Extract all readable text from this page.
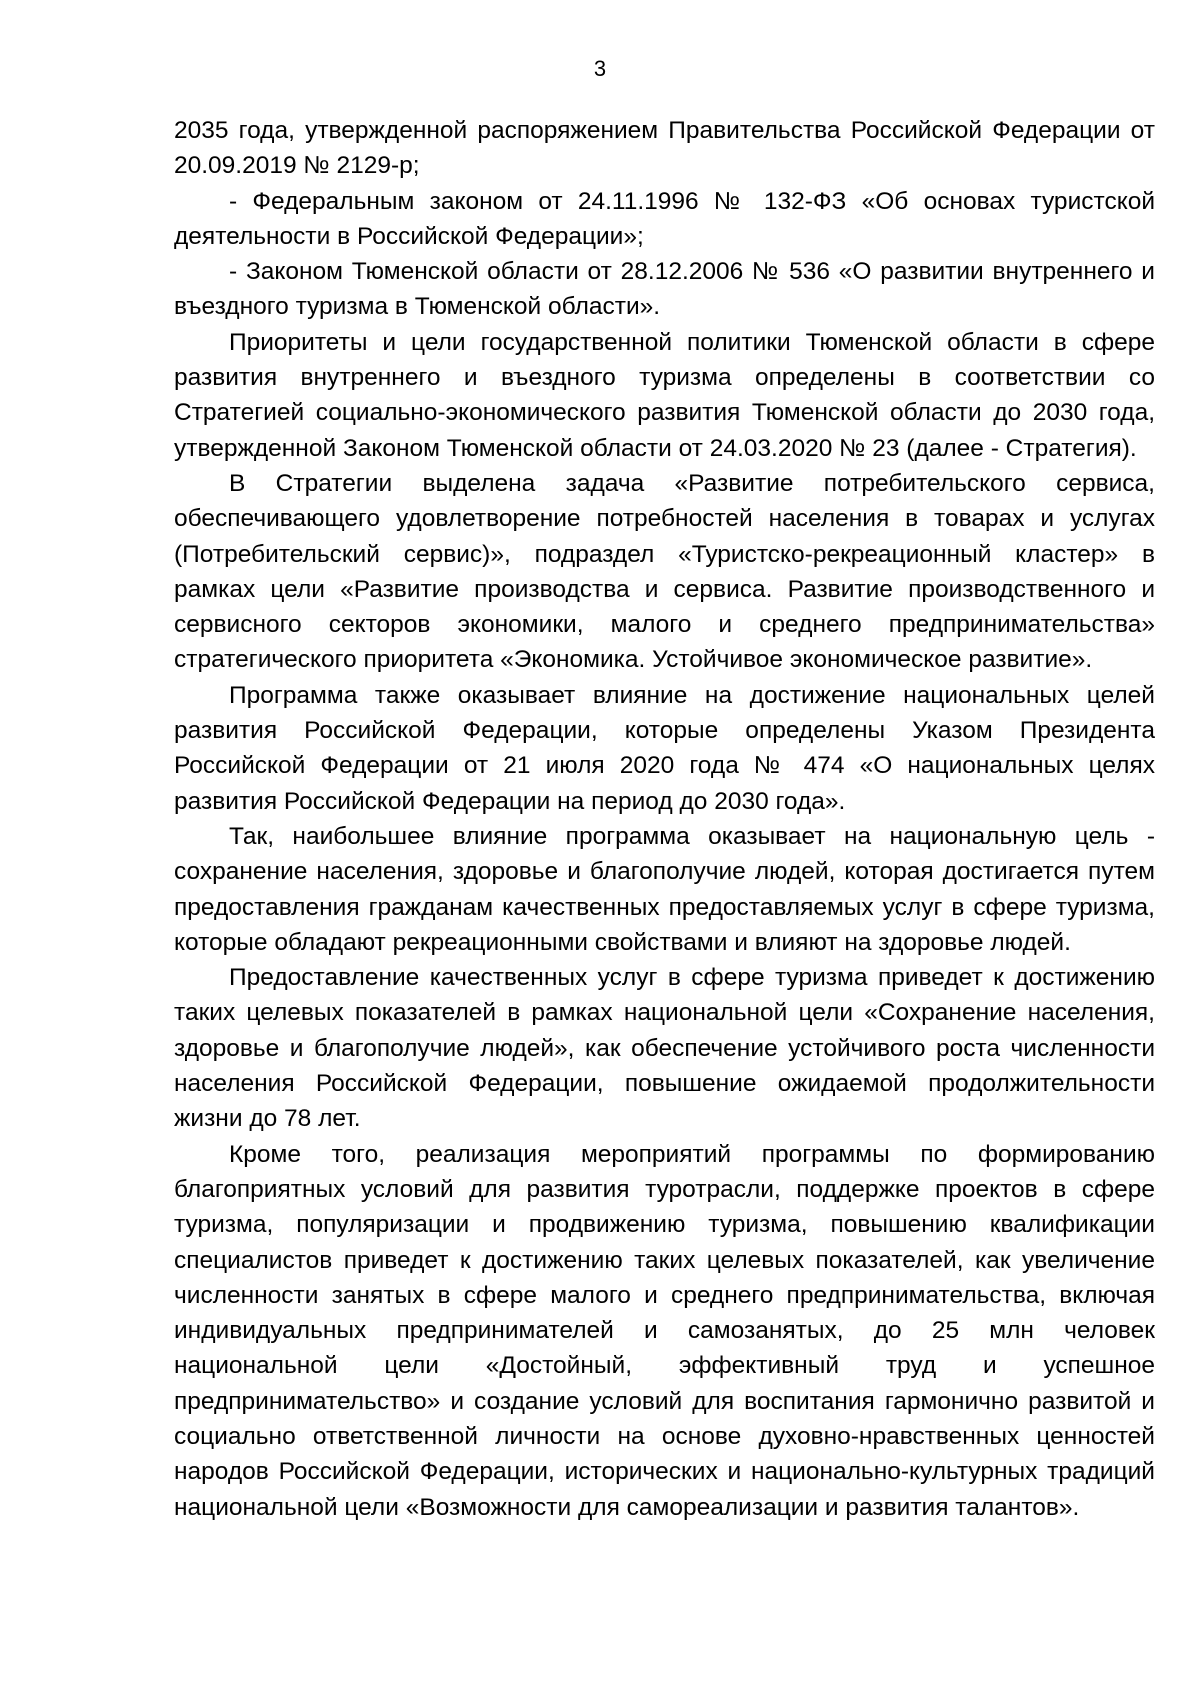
3

2035 года, утвержденной распоряжением Правительства Российской Федерации от 20.09.2019 № 2129-р;

- Федеральным законом от 24.11.1996 № 132-ФЗ «Об основах туристской деятельности в Российской Федерации»;

- Законом Тюменской области от 28.12.2006 № 536 «О развитии внутреннего и въездного туризма в Тюменской области».

Приоритеты и цели государственной политики Тюменской области в сфере развития внутреннего и въездного туризма определены в соответствии со Стратегией социально-экономического развития Тюменской области до 2030 года, утвержденной Законом Тюменской области от 24.03.2020 № 23 (далее - Стратегия).

В Стратегии выделена задача «Развитие потребительского сервиса, обеспечивающего удовлетворение потребностей населения в товарах и услугах (Потребительский сервис)», подраздел «Туристско-рекреационный кластер» в рамках цели «Развитие производства и сервиса. Развитие производственного и сервисного секторов экономики, малого и среднего предпринимательства» стратегического приоритета «Экономика. Устойчивое экономическое развитие».

Программа также оказывает влияние на достижение национальных целей развития Российской Федерации, которые определены Указом Президента Российской Федерации от 21 июля 2020 года № 474 «О национальных целях развития Российской Федерации на период до 2030 года».

Так, наибольшее влияние программа оказывает на национальную цель - сохранение населения, здоровье и благополучие людей, которая достигается путем предоставления гражданам качественных предоставляемых услуг в сфере туризма, которые обладают рекреационными свойствами и влияют на здоровье людей.

Предоставление качественных услуг в сфере туризма приведет к достижению таких целевых показателей в рамках национальной цели «Сохранение населения, здоровье и благополучие людей», как обеспечение устойчивого роста численности населения Российской Федерации, повышение ожидаемой продолжительности жизни до 78 лет.

Кроме того, реализация мероприятий программы по формированию благоприятных условий для развития туротрасли, поддержке проектов в сфере туризма, популяризации и продвижению туризма, повышению квалификации специалистов приведет к достижению таких целевых показателей, как увеличение численности занятых в сфере малого и среднего предпринимательства, включая индивидуальных предпринимателей и самозанятых, до 25 млн человек национальной цели «Достойный, эффективный труд и успешное предпринимательство» и создание условий для воспитания гармонично развитой и социально ответственной личности на основе духовно-нравственных ценностей народов Российской Федерации, исторических и национально-культурных традиций национальной цели «Возможности для самореализации и развития талантов».
